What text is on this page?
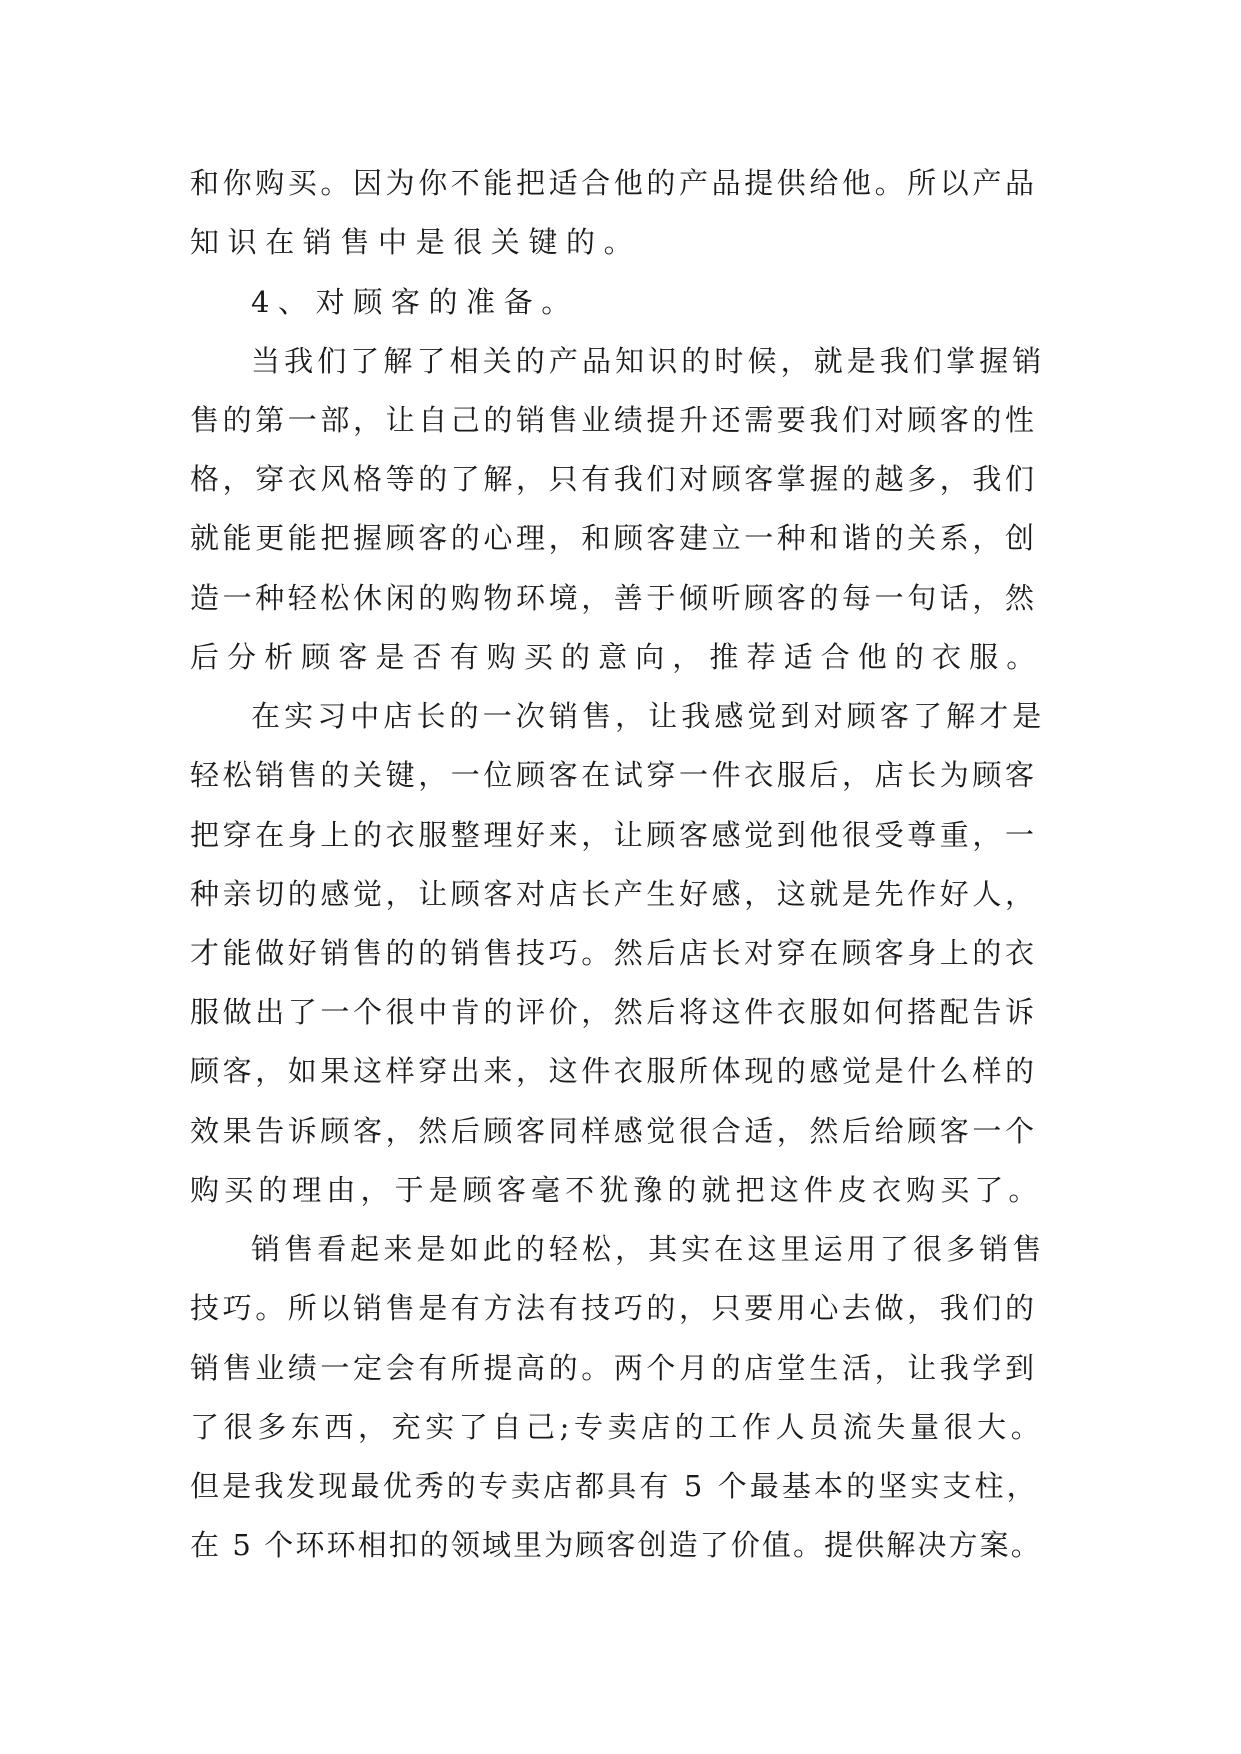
和你购买。因为你不能把适合他的产品提供给他。所以产品
知识在销售中是很关键的。
4、对顾客的准备。
当我们了解了相关的产品知识的时候，就是我们掌握销
售的第一部，让自己的销售业绩提升还需要我们对顾客的性
格，穿衣风格等的了解，只有我们对顾客掌握的越多，我们
就能更能把握顾客的心理，和顾客建立一种和谐的关系，创
造一种轻松休闲的购物环境，善于倾听顾客的每一句话，然
后分析顾客是否有购买的意向，推荐适合他的衣服。
在实习中店长的一次销售，让我感觉到对顾客了解才是
轻松销售的关键，一位顾客在试穿一件衣服后，店长为顾客
把穿在身上的衣服整理好来，让顾客感觉到他很受尊重，一
种亲切的感觉，让顾客对店长产生好感，这就是先作好人，
才能做好销售的的销售技巧。然后店长对穿在顾客身上的衣
服做出了一个很中肯的评价，然后将这件衣服如何搭配告诉
顾客，如果这样穿出来，这件衣服所体现的感觉是什么样的
效果告诉顾客，然后顾客同样感觉很合适，然后给顾客一个
购买的理由，于是顾客毫不犹豫的就把这件皮衣购买了。
销售看起来是如此的轻松，其实在这里运用了很多销售
技巧。所以销售是有方法有技巧的，只要用心去做，我们的
销售业绩一定会有所提高的。两个月的店堂生活，让我学到
了很多东西，充实了自己;专卖店的工作人员流失量很大。
但是我发现最优秀的专卖店都具有 5 个最基本的坚实支柱，
在 5 个环环相扣的领域里为顾客创造了价值。提供解决方案。
